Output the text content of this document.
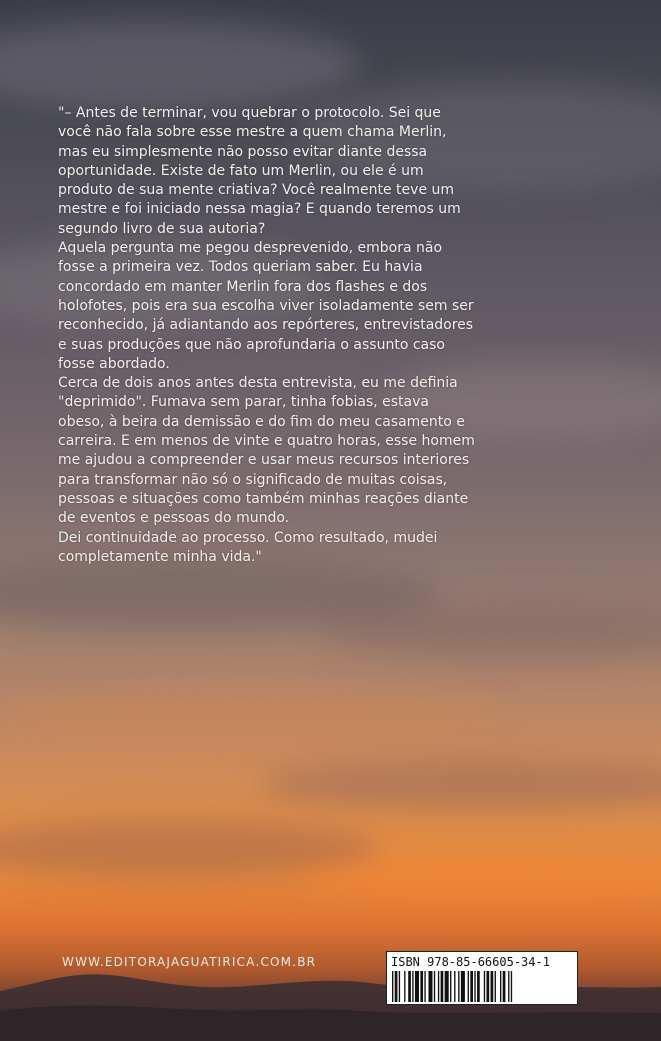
"– Antes de terminar, vou quebrar o protocolo. Sei que você não fala sobre esse mestre a quem chama Merlin, mas eu simplesmente não posso evitar diante dessa oportunidade. Existe de fato um Merlin, ou ele é um produto de sua mente criativa? Você realmente teve um mestre e foi iniciado nessa magia? E quando teremos um segundo livro de sua autoria?

Aquela pergunta me pegou desprevenido, embora não fosse a primeira vez. Todos queriam saber. Eu havia concordado em manter Merlin fora dos flashes e dos holofotes, pois era sua escolha viver isoladamente sem ser reconhecido, já adiantando aos repórteres, entrevistadores e suas produções que não aprofundaria o assunto caso fosse abordado.

Cerca de dois anos antes desta entrevista, eu me definia "deprimido". Fumava sem parar, tinha fobias, estava obeso, à beira da demissão e do fim do meu casamento e carreira. E em menos de vinte e quatro horas, esse homem me ajudou a compreender e usar meus recursos interiores para transformar não só o significado de muitas coisas, pessoas e situações como também minhas reações diante de eventos e pessoas do mundo.

Dei continuidade ao processo. Como resultado, mudei completamente minha vida."

WWW.EDITORAJAGUATIRICA.COM.BR	ISBN 978-85-66605-34-1
